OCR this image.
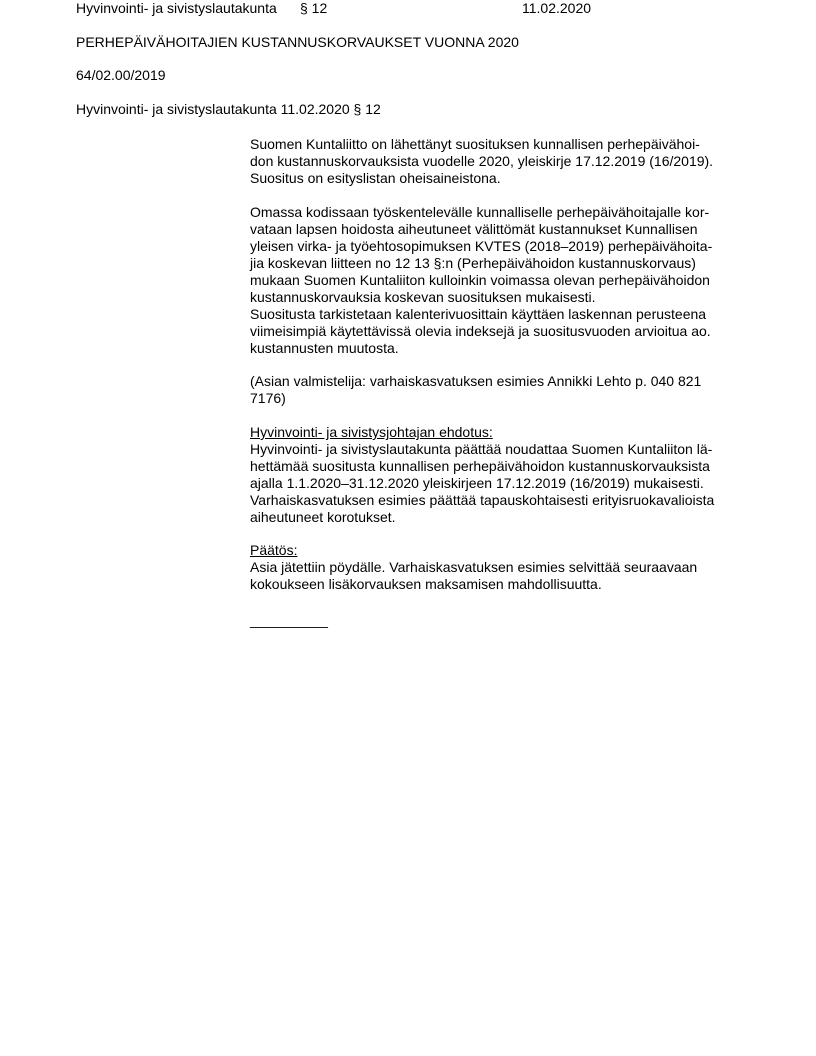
Hyvinvointi- ja sivistyslautakunta § 12	11.02.2020
PERHEPÄIVÄHOITAJIEN KUSTANNUSKORVAUKSET VUONNA 2020
64/02.00/2019
Hyvinvointi- ja sivistyslautakunta 11.02.2020 § 12
Suomen Kuntaliitto on lähettänyt suosituksen kunnallisen perhepäivähoi-
don kustannuskorvauksista vuodelle 2020, yleiskirje 17.12.2019 (16/2019).
Suositus on esityslistan oheisaineistona.
Omassa kodissaan työskentelevälle kunnalliselle perhepäivähoitajalle kor-
vataan lapsen hoidosta aiheutuneet välittömät kustannukset Kunnallisen
yleisen virka- ja työehtosopimuksen KVTES (2018–2019) perhepäivähoita-
jia koskevan liitteen no 12 13 §:n (Perhepäivähoidon kustannuskorvaus)
mukaan Suomen Kuntaliiton kulloinkin voimassa olevan perhepäivähoidon
kustannuskorvauksia koskevan suosituksen mukaisesti.
Suositusta tarkistetaan kalenterivuosittain käyttäen laskennan perusteena
viimeisimpiä käytettävissä olevia indeksejä ja suositusvuoden arvioitua ao.
kustannusten muutosta.
(Asian valmistelija: varhaiskasvatuksen esimies Annikki Lehto p. 040 821
7176)
Hyvinvointi- ja sivistysjohtajan ehdotus:
Hyvinvointi- ja sivistyslautakunta päättää noudattaa Suomen Kuntaliiton lä-
hettämää suositusta kunnallisen perhepäivähoidon kustannuskorvauksista
ajalla 1.1.2020–31.12.2020 yleiskirjeen 17.12.2019 (16/2019) mukaisesti.
Varhaiskasvatuksen esimies päättää tapauskohtaisesti erityisruokavalioista
aiheutuneet korotukset.
Päätös:
Asia jätettiin pöydälle. Varhaiskasvatuksen esimies selvittää seuraavaan
kokoukseen lisäkorvauksen maksamisen mahdollisuutta.
__________
